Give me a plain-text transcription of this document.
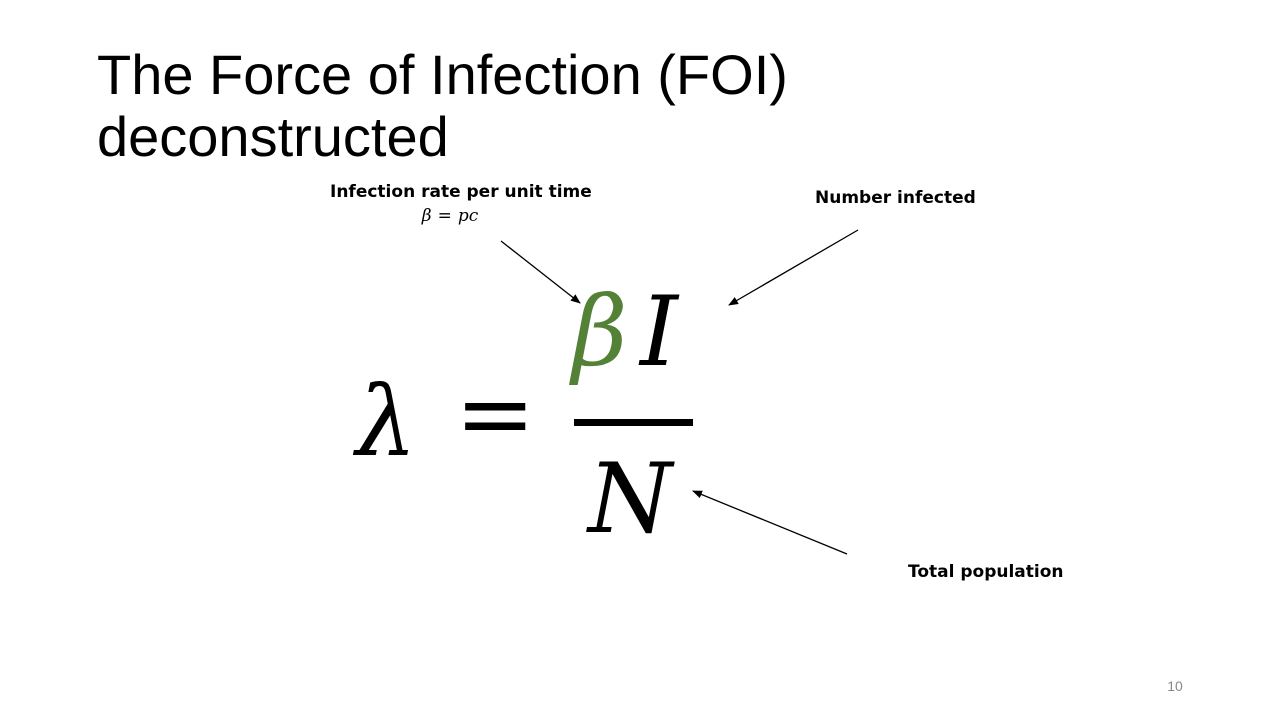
The Force of Infection (FOI)
deconstructed
Infection rate per unit time
β = pc
Number infected
Total population
λ =
β I
N
10
